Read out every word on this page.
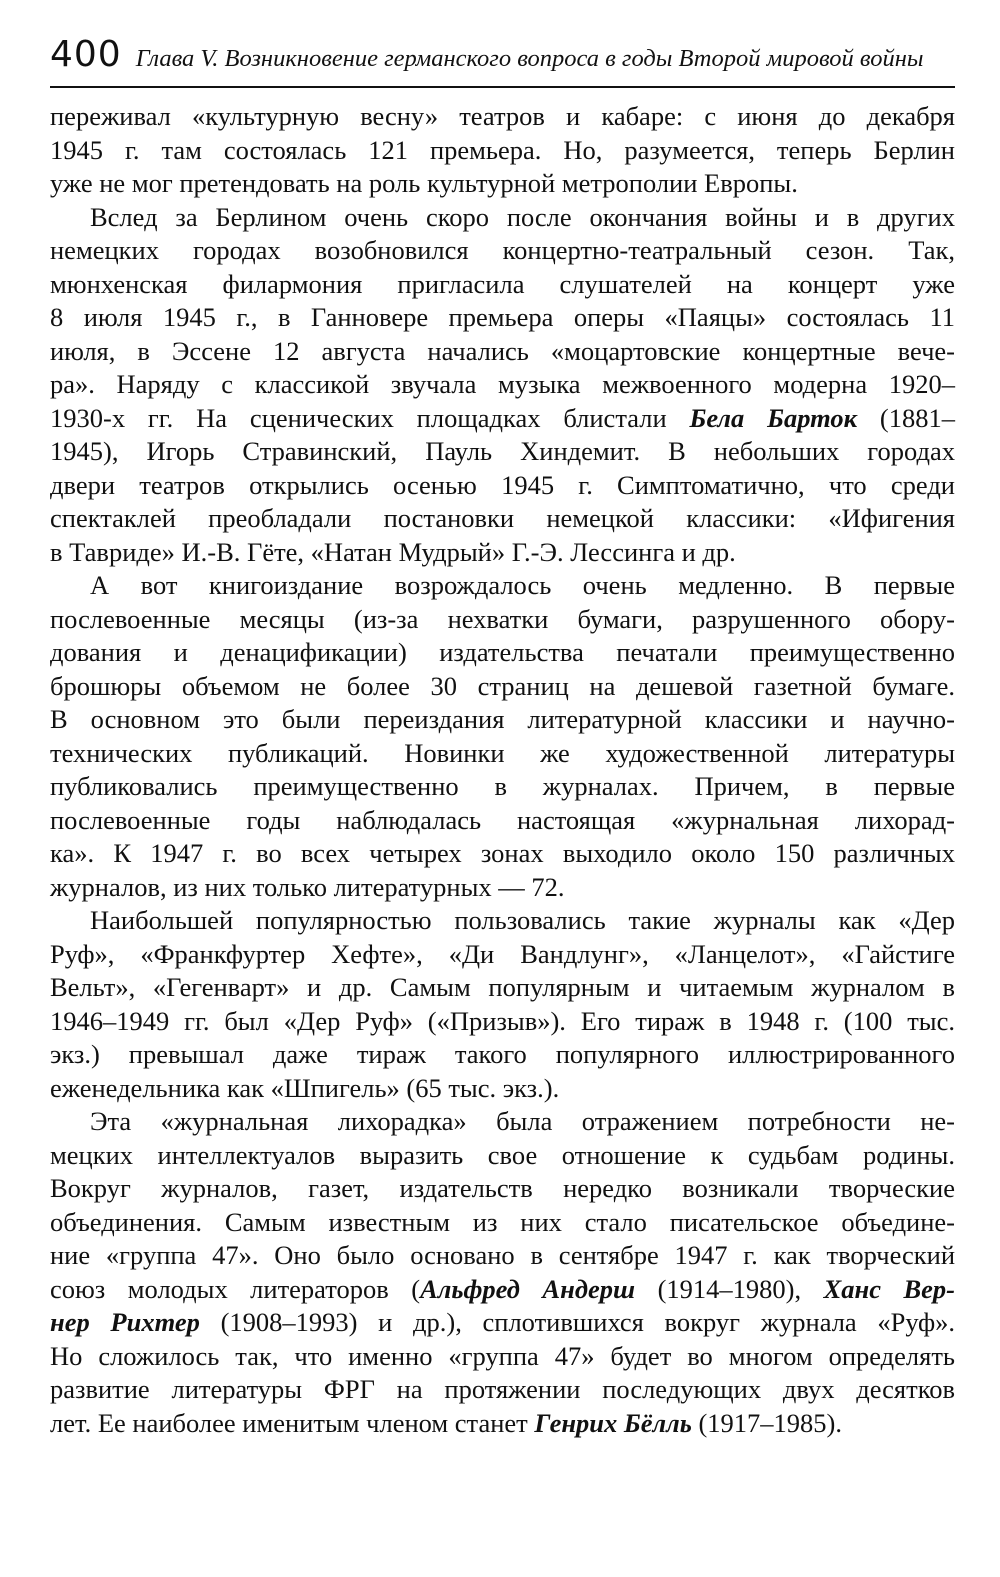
400 Глава V. Возникновение германского вопроса в годы Второй мировой войны

переживал «культурную весну» театров и кабаре: с июня до декабря
1945 г. там состоялась 121 премьера. Но, разумеется, теперь Берлин
уже не мог претендовать на роль культурной метрополии Европы.

Вслед за Берлином очень скоро после окончания войны и в других
немецких городах возобновился концертно-театральный сезон. Так,
мюнхенская филармония пригласила слушателей на концерт уже
8 июля 1945 г., в Ганновере премьера оперы «Паяцы» состоялась 11
июля, в Эссене 12 августа начались «моцартовские концертные вече-
ра». Наряду с классикой звучала музыка межвоенного модерна 1920–
1930-х гг. На сценических площадках блистали Бела Барток (1881–
1945), Игорь Стравинский, Пауль Хиндемит. В небольших городах
двери театров открылись осенью 1945 г. Симптоматично, что среди
спектаклей преобладали постановки немецкой классики: «Ифигения
в Тавриде» И.-В. Гёте, «Натан Мудрый» Г.-Э. Лессинга и др.

А вот книгоиздание возрождалось очень медленно. В первые
послевоенные месяцы (из-за нехватки бумаги, разрушенного обору-
дования и денацификации) издательства печатали преимущественно
брошюры объемом не более 30 страниц на дешевой газетной бумаге.
В основном это были переиздания литературной классики и научно-
технических публикаций. Новинки же художественной литературы
публиковались преимущественно в журналах. Причем, в первые
послевоенные годы наблюдалась настоящая «журнальная лихорад-
ка». К 1947 г. во всех четырех зонах выходило около 150 различных
журналов, из них только литературных — 72.

Наибольшей популярностью пользовались такие журналы как «Дер
Руф», «Франкфуртер Хефте», «Ди Вандлунг», «Ланцелот», «Гайстиге
Вельт», «Гегенварт» и др. Самым популярным и читаемым журналом в
1946–1949 гг. был «Дер Руф» («Призыв»). Его тираж в 1948 г. (100 тыс.
экз.) превышал даже тираж такого популярного иллюстрированного
еженедельника как «Шпигель» (65 тыс. экз.).

Эта «журнальная лихорадка» была отражением потребности не-
мецких интеллектуалов выразить свое отношение к судьбам родины.
Вокруг журналов, газет, издательств нередко возникали творческие
объединения. Самым известным из них стало писательское объедине-
ние «группа 47». Оно было основано в сентябре 1947 г. как творческий
союз молодых литераторов (Альфред Андерш (1914–1980), Ханс Вер-
нер Рихтер (1908–1993) и др.), сплотившихся вокруг журнала «Руф».
Но сложилось так, что именно «группа 47» будет во многом определять
развитие литературы ФРГ на протяжении последующих двух десятков
лет. Ее наиболее именитым членом станет Генрих Бёлль (1917–1985).
